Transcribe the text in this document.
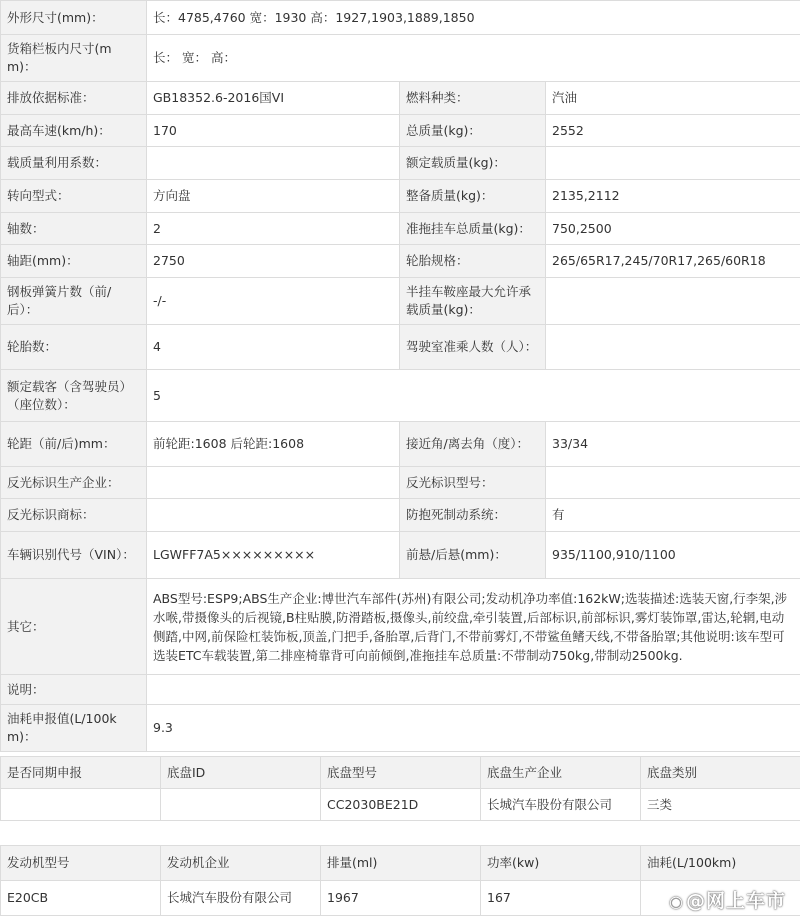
外形尺寸(mm)：	长：4785,4760 宽：1930 高：1927,1903,1889,1850		
货箱栏板内尺寸(mm)：	长： 宽： 高：		
排放依据标准：	GB18352.6-2016国VI	燃料种类：	汽油
最高车速(km/h)：	170	总质量(kg)：	2552
载质量利用系数：		额定载质量(kg)：	
转向型式：	方向盘	整备质量(kg)：	2135,2112
轴数：	2	准拖挂车总质量(kg)：	750,2500
轴距(mm)：	2750	轮胎规格：	265/65R17,245/70R17,265/60R18
钢板弹簧片数（前/后）：	-/-	半挂车鞍座最大允许承载质量(kg)：	
轮胎数：	4	驾驶室准乘人数（人）：	
额定载客（含驾驶员）（座位数）：	5		
轮距（前/后)mm：	前轮距:1608 后轮距:1608	接近角/离去角（度）：	33/34
反光标识生产企业：		反光标识型号：	
反光标识商标：		防抱死制动系统：	有
车辆识别代号（VIN）：	LGWFF7A5×××××××××	前悬/后悬(mm)：	935/1100,910/1100
其它：	ABS型号:ESP9;ABS生产企业:博世汽车部件(苏州)有限公司;发动机净功率值:162kW;选装描述:选装天窗,行李架,涉水喉,带摄像头的后视镜,B柱贴膜,防滑踏板,摄像头,前绞盘,牵引装置,后部标识,前部标识,雾灯装饰罩,雷达,轮辋,电动侧踏,中网,前保险杠装饰板,顶盖,门把手,备胎罩,后背门,不带前雾灯,不带鲨鱼鳍天线,不带备胎罩;其他说明:该车型可选装ETC车载装置,第二排座椅靠背可向前倾倒,准拖挂车总质量:不带制动750kg,带制动2500kg.		
说明：			
油耗申报值(L/100km)：	9.3		
是否同期申报	底盘ID	底盘型号	底盘生产企业	底盘类别
		CC2030BE21D	长城汽车股份有限公司	三类
发动机型号	发动机企业	排量(ml)	功率(kw)	油耗(L/100km)
E20CB	长城汽车股份有限公司	1967	167		◉ @网上车市
